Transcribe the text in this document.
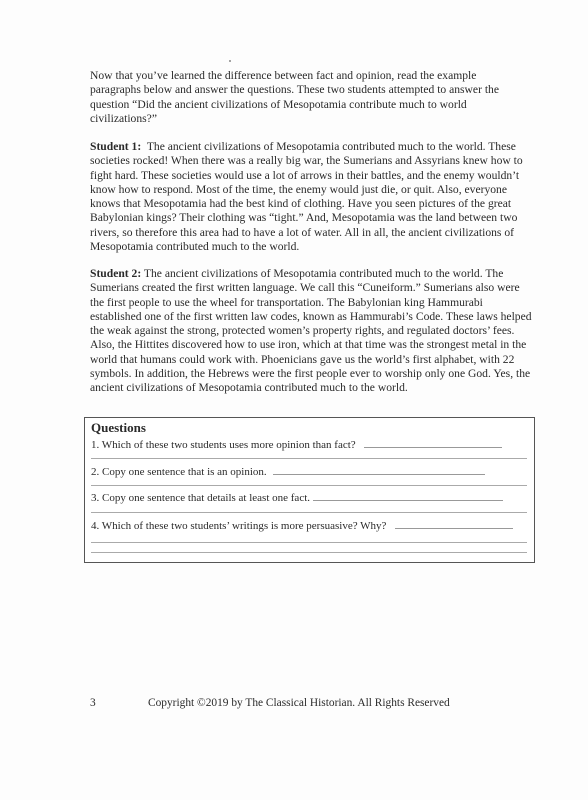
Now that you’ve learned the difference between fact and opinion, read the example paragraphs below and answer the questions. These two students attempted to answer the question “Did the ancient civilizations of Mesopotamia contribute much to world civilizations?”

Student 1: The ancient civilizations of Mesopotamia contributed much to the world. These societies rocked! When there was a really big war, the Sumerians and Assyrians knew how to fight hard. These societies would use a lot of arrows in their battles, and the enemy wouldn’t know how to respond. Most of the time, the enemy would just die, or quit. Also, everyone knows that Mesopotamia had the best kind of clothing. Have you seen pictures of the great Babylonian kings? Their clothing was “tight.” And, Mesopotamia was the land between two rivers, so therefore this area had to have a lot of water. All in all, the ancient civilizations of Mesopotamia contributed much to the world.

Student 2: The ancient civilizations of Mesopotamia contributed much to the world. The Sumerians created the first written language. We call this “Cuneiform.” Sumerians also were the first people to use the wheel for transportation. The Babylonian king Hammurabi established one of the first written law codes, known as Hammurabi’s Code. These laws helped the weak against the strong, protected women’s property rights, and regulated doctors’ fees. Also, the Hittites discovered how to use iron, which at that time was the strongest metal in the world that humans could work with. Phoenicians gave us the world’s first alphabet, with 22 symbols. In addition, the Hebrews were the first people ever to worship only one God. Yes, the ancient civilizations of Mesopotamia contributed much to the world.

Questions

1. Which of these two students uses more opinion than fact?
2. Copy one sentence that is an opinion.
3. Copy one sentence that details at least one fact.
4. Which of these two students’ writings is more persuasive? Why?
3	Copyright ©2019 by The Classical Historian. All Rights Reserved
